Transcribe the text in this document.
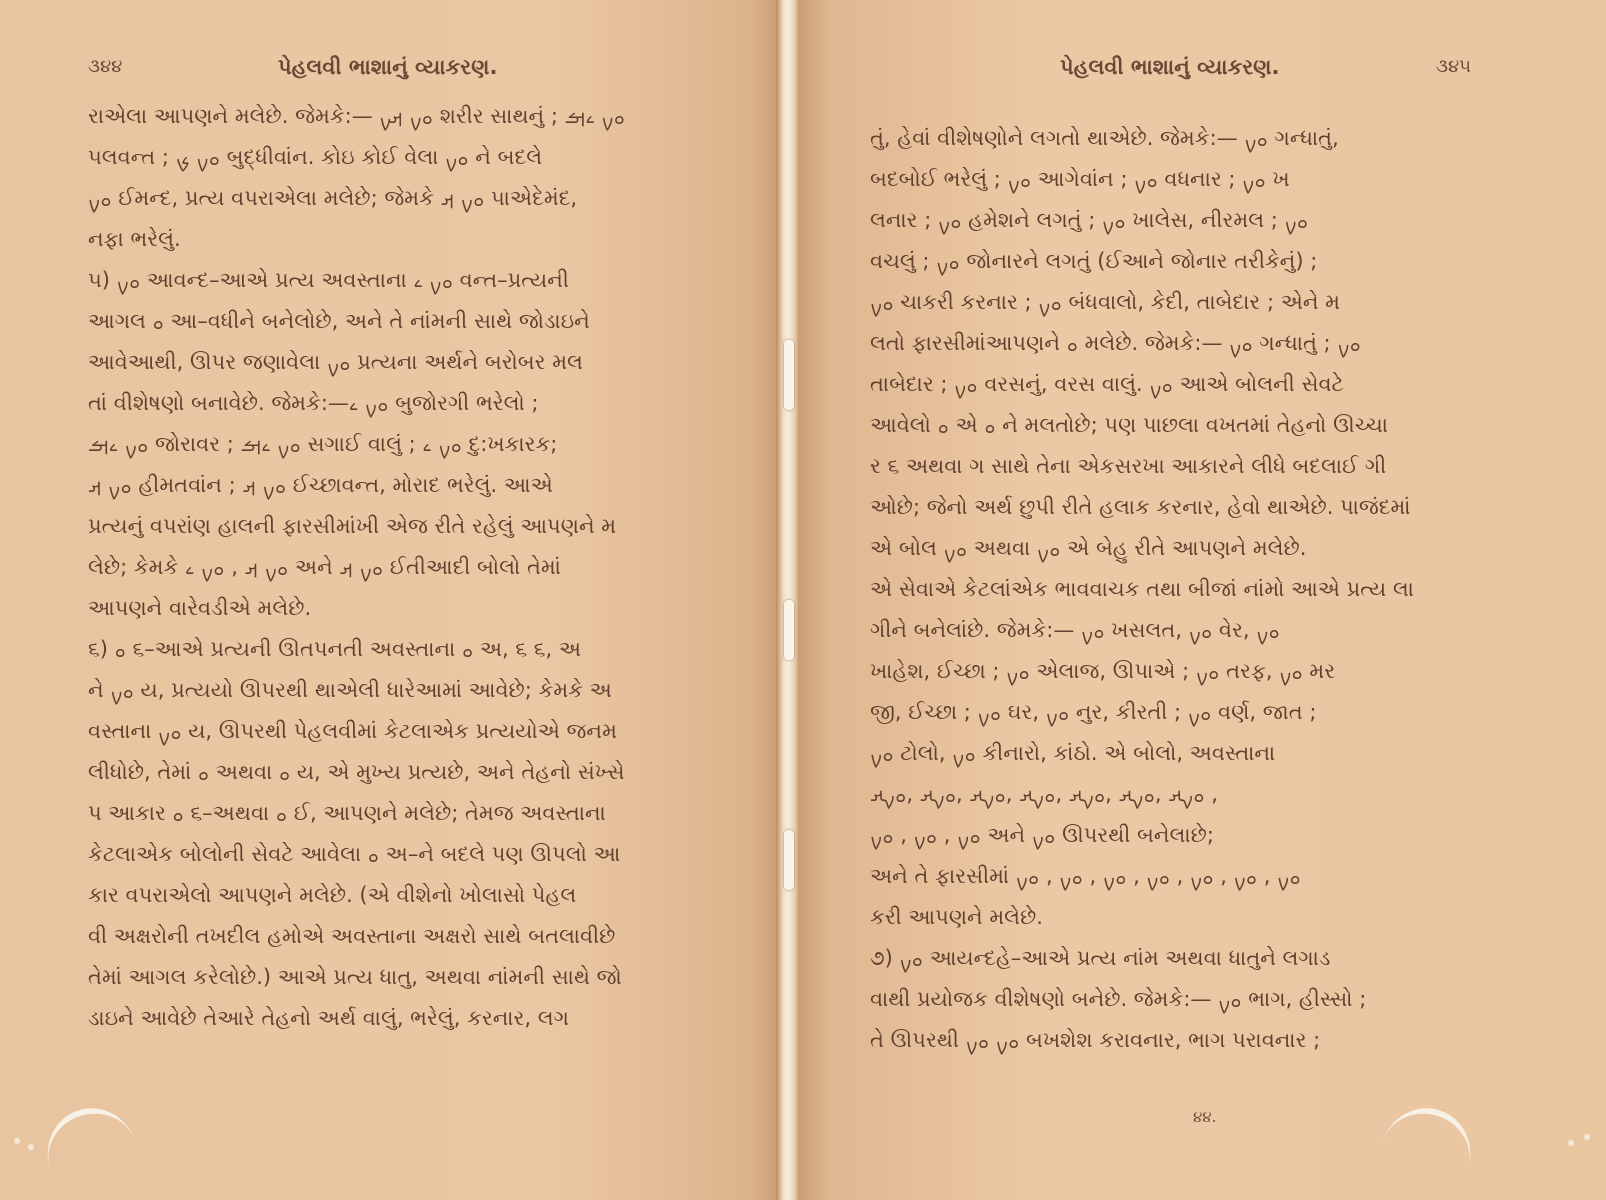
૩૪૪	પેહલવી ભાશાનું વ્યાકરણ.
રાએલા આપણને મલેછે. જેમકે:— ࡀࡍ ࡕࡍ શરીર સાથનું ; ࡀࡍ ࡉࡌ
૫લવન્ત ; ࡀࡍ ࡊ બુદ્ધીવાંન. કોઇ કોઈ વેલા ࡀࡍ ને બદલે
ࡀࡍ ઈમન્દ, પ્રત્ય વપરાએલા મલેછે; જેમકે ࡀࡍ ࡕ ૫ાએદેમંદ,
નફા ભરેલું.
૫) ࡀࡍ આવન્દ–આએ પ્રત્ય અવસ્તાના ࡀࡍ ࡉ વન્ત–પ્રત્યની
આગલ ࡀ આ–વધીને બનેલોછે, અને તે નાંમની સાથે જોડાઇને
આવેઆથી, ઊપર જણાવેલા ࡀࡍ પ્રત્યના અર્થને બરોબર મલ
તાં વીશેષણો બનાવેછે. જેમકે:—ࡀࡍ ࡉ બુજોરગી ભરેલો ;
ࡀࡍ ࡉࡌ જોરાવર ; ࡀࡍ ࡉࡌ સગાઈ વાલું ; ࡀࡍ ࡉ દુ:ખકારક;
ࡀࡍ ࡕ હીમતવાંન ; ࡀࡍ ࡕ ઈચ્છાવન્ત, મોરાદ ભરેલું. આએ
પ્રત્યનું વપરાંણ હાલની ફારસીમાંખી એજ રીતે રહેલું આપણને મ
લેછે; કેમકે ࡀࡍ ࡕ , ࡀࡍ ࡉ અને ࡀࡍ ࡕ ઈતીઆદી બોલો તેમાં
આપણને વારેવડીએ મલેછે.
૬) ࡀ ૬–આએ પ્રત્યની ઊતપનતી અવસ્તાના ࡀ અ, ૬ ૬, અ
ને ࡀࡍ ય, પ્રત્યયો ઊપરથી થાએલી ધારેઆમાં આવેછે; કેમકે અ
વસ્તાના ࡀࡍ ય, ઊપરથી પેહલવીમાં કેટલાએક પ્રત્યયોએ જનમ
લીધોછે, તેમાં ࡀ અથવા ࡀ ય, એ મુખ્ય પ્રત્યછે, અને તેહનો સંખ્સે
પ આકાર ࡀ ૬–અથવા ࡀ ઈ, આપણને મલેછે; તેમજ અવસ્તાના
કેટલાએક બોલોની સેવટે આવેલા ࡀ અ–ને બદલે પણ ઊપલો આ
કાર વપરાએલો આપણને મલેછે. (એ વીશેનો ખોલાસો પેહલ
વી અક્ષરોની તખદીલ હમોએ અવસ્તાના અક્ષરો સાથે બતલાવીછે
તેમાં આગલ કરેલોછે.) આએ પ્રત્ય ધાતુ, અથવા નાંમની સાથે જો
ડાઇને આવેછે તેઆરે તેહનો અર્થ વાલું, ભરેલું, કરનાર, લગ
પેહલવી ભાશાનું વ્યાકરણ.	૩૪૫
તું, હેવાં વીશેષણોને લગતો થાએછે. જેમકે:— ࡀࡍ ગન્ધાતું,
બદબોઈ ભરેલું ; ࡀࡍ આગેવાંન ; ࡀࡍ વધનાર ; ࡀࡍ ખ
લનાર ; ࡀࡍ હમેશને લગતું ; ࡀࡍ ખાલેસ, નીરમલ ; ࡀࡍ
વચલું ; ࡀࡍ જોનારને લગતું (ઈઆને જોનાર તરીકેનું) ;
ࡀࡍ ચાકરી કરનાર ; ࡀࡍ બંધવાલો, કેદી, તાબેદાર ; એને મ
લતો ફારસીમાંઆપણને ࡀ મલેછે. જેમકે:— ࡀࡍ ગન્ધાતું ; ࡀࡍ
તાબેદાર ; ࡀࡍ વરસનું, વરસ વાલું. ࡀࡍ આએ બોલની સેવટે
આવેલો ࡀ એ ࡀ ને મલતોછે; પણ પાછલા વખતમાં તેહનો ઊચ્ચા
ર ૬ અથવા ગ સાથે તેના એકસરખા આકારને લીધે બદલાઈ ગી
ઓછે; જેનો અર્થ છુપી રીતે હલાક કરનાર, હેવો થાએછે. પાજંદમાં
એ બોલ ࡀࡍ અથવા ࡀࡍ એ બેહુ રીતે આપણને મલેછે.
એ સેવાએ કેટલાંએક ભાવવાચક તથા બીજાં નાંમો આએ પ્રત્ય લા
ગીને બનેલાંછે. જેમકે:— ࡀࡍ ખસલત, ࡀࡍ વેર, ࡀࡍ
ખાહેશ, ઈચ્છા ; ࡀࡍ એલાજ, ઊપાએ ; ࡀࡍ તરફ, ࡀࡍ મર
જી, ઈચ્છા ; ࡀࡍ ઘર, ࡀࡍ નુર, કીરતી ; ࡀࡍ વર્ણ, જાત ;
ࡀࡍ ટોલો, ࡀࡍ કીનારો, કાંઠો. એ બોલો, અવસ્તાના
ࡀࡍࡕ ,ࡀࡍࡕ ,ࡀࡍࡕ ,ࡀࡍࡕ ,ࡀࡍࡕ ,ࡀࡍࡕ ,ࡀࡍࡕ ,
ࡀࡍ , ࡀࡍ , ࡀࡍ અને ࡀࡍ ઊપરથી બનેલાછે;
અને તે ફારસીમાં ࡀࡍ , ࡀࡍ , ࡀࡍ , ࡀࡍ , ࡀࡍ , ࡀࡍ , ࡀࡍ
કરી આપણને મલેછે.
૭) ࡀࡍ આયન્દહે–આએ પ્રત્ય નાંમ અથવા ધાતુને લગાડ
વાથી પ્રયોજક વીશેષણો બનેછે. જેમકે:— ࡀࡍ ભાગ, હીસ્સો ;
તે ઊપરથી ࡀࡍ ࡀࡍ બખશેશ કરાવનાર, ભાગ પરાવનાર ;
૪૪.
